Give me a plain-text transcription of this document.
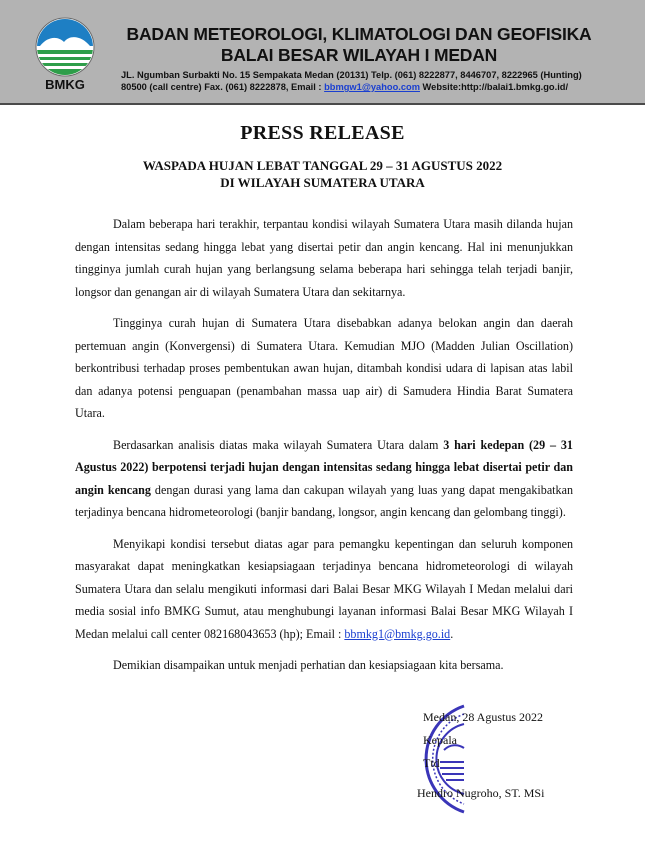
BMKG
BADAN METEOROLOGI, KLIMATOLOGI DAN GEOFISIKA
BALAI BESAR WILAYAH I MEDAN
JL. Ngumban Surbakti No. 15 Sempakata Medan (20131) Telp. (061) 8222877, 8446707, 8222965 (Hunting)
80500 (call centre) Fax. (061) 8222878, Email : bbmgw1@yahoo.com Website:http://balai1.bmkg.go.id/
PRESS RELEASE
WASPADA HUJAN LEBAT TANGGAL 29 – 31 AGUSTUS 2022
DI WILAYAH SUMATERA UTARA

Dalam beberapa hari terakhir, terpantau kondisi wilayah Sumatera Utara masih dilanda hujan dengan intensitas sedang hingga lebat yang disertai petir dan angin kencang. Hal ini menunjukkan tingginya jumlah curah hujan yang berlangsung selama beberapa hari sehingga telah terjadi banjir, longsor dan genangan air di wilayah Sumatera Utara dan sekitarnya.

Tingginya curah hujan di Sumatera Utara disebabkan adanya belokan angin dan daerah pertemuan angin (Konvergensi) di Sumatera Utara. Kemudian MJO (Madden Julian Oscillation) berkontribusi terhadap proses pembentukan awan hujan, ditambah kondisi udara di lapisan atas labil dan adanya potensi penguapan (penambahan massa uap air) di Samudera Hindia Barat Sumatera Utara.

Berdasarkan analisis diatas maka wilayah Sumatera Utara dalam 3 hari kedepan (29 – 31 Agustus 2022) berpotensi terjadi hujan dengan intensitas sedang hingga lebat disertai petir dan angin kencang dengan durasi yang lama dan cakupan wilayah yang luas yang dapat mengakibatkan terjadinya bencana hidrometeorologi (banjir bandang, longsor, angin kencang dan gelombang tinggi).

Menyikapi kondisi tersebut diatas agar para pemangku kepentingan dan seluruh komponen masyarakat dapat meningkatkan kesiapsiagaan terjadinya bencana hidrometeorologi di wilayah Sumatera Utara dan selalu mengikuti informasi dari Balai Besar MKG Wilayah I Medan melalui dari media sosial info BMKG Sumut, atau menghubungi layanan informasi Balai Besar MKG Wilayah I Medan melalui call center 082168043653 (hp); Email : bbmkg1@bmkg.go.id.

Demikian disampaikan untuk menjadi perhatian dan kesiapsiagaan kita bersama.

Medan, 28 Agustus 2022
Kepala
Ttd
Hendro Nugroho, ST. MSi
